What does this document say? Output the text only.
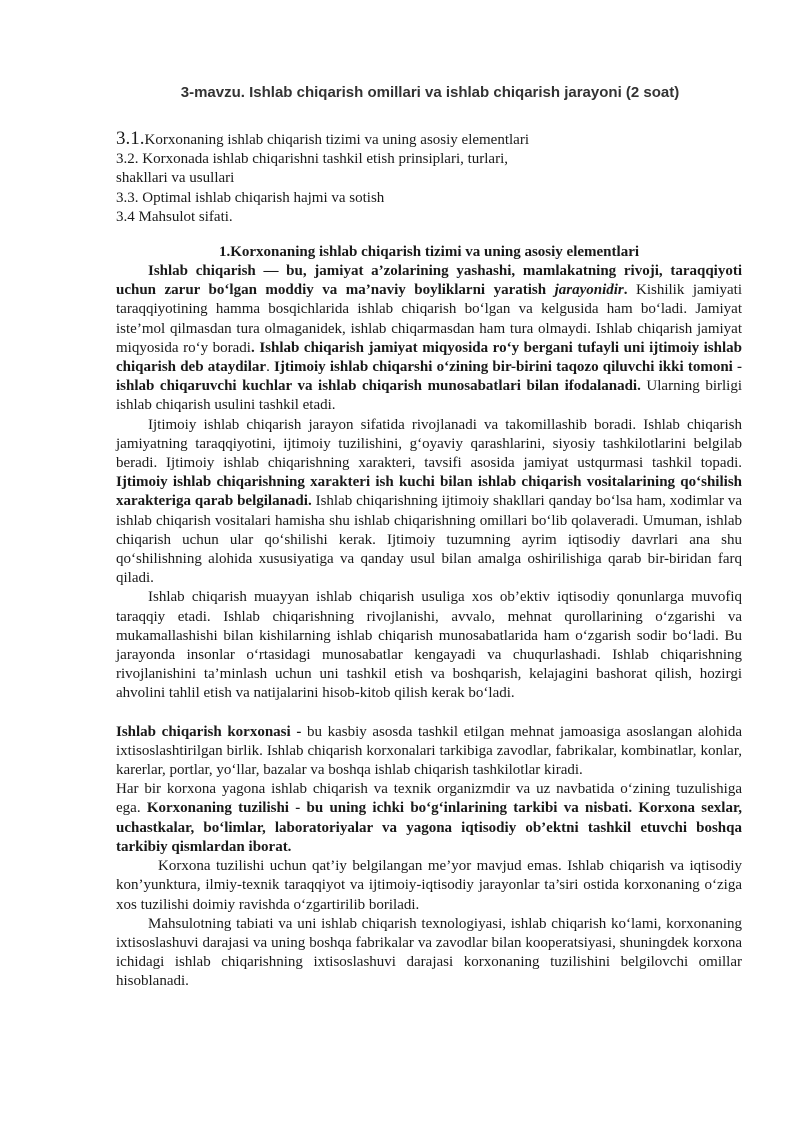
3-mavzu. Ishlab chiqarish omillari va ishlab chiqarish jarayoni (2 soat)
3.1.Korxonaning ishlab chiqarish tizimi va uning asosiy elementlari
3.2. Korxonada ishlab chiqarishni tashkil etish prinsiplari, turlari,
shakllari va usullari
3.3. Optimal ishlab chiqarish hajmi va sotish
3.4 Mahsulot sifati.
1.Korxonaning ishlab chiqarish tizimi va uning asosiy elementlari

Ishlab chiqarish — bu, jamiyat a’zolarining yashashi, mamlakatning rivoji, taraqqiyoti uchun zarur bo‘lgan moddiy va ma’naviy boyliklarni yaratish jarayonidir. Kishilik jamiyati taraqqiyotining hamma bosqichlarida ishlab chiqarish bo‘lgan va kelgusida ham bo‘ladi. Jamiyat iste’mol qilmasdan tura olmaganidek, ishlab chiqarmasdan ham tura olmaydi. Ishlab chiqarish jamiyat miqyosida ro‘y boradi. Ishlab chiqarish jamiyat miqyosida ro‘y bergani tufayli uni ijtimoiy ishlab chiqarish deb ataydilar. Ijtimoiy ishlab chiqarshi o‘zining bir-birini taqozo qiluvchi ikki tomoni - ishlab chiqaruvchi kuchlar va ishlab chiqarish munosabatlari bilan ifodalanadi. Ularning birligi ishlab chiqarish usulini tashkil etadi.

Ijtimoiy ishlab chiqarish jarayon sifatida rivojlanadi va takomillashib boradi. Ishlab chiqarish jamiyatning taraqqiyotini, ijtimoiy tuzilishini, g‘oyaviy qarashlarini, siyosiy tashkilotlarini belgilab beradi. Ijtimoiy ishlab chiqarishning xarakteri, tavsifi asosida jamiyat ustqurmasi tashkil topadi. Ijtimoiy ishlab chiqarishning xarakteri ish kuchi bilan ishlab chiqarish vositalarining qo‘shilish xarakteriga qarab belgilanadi. Ishlab chiqarishning ijtimoiy shakllari qanday bo‘lsa ham, xodimlar va ishlab chiqarish vositalari hamisha shu ishlab chiqarishning omillari bo‘lib qolaveradi. Umuman, ishlab chiqarish uchun ular qo‘shilishi kerak. Ijtimoiy tuzumning ayrim iqtisodiy davrlari ana shu qo‘shilishning alohida xususiyatiga va qanday usul bilan amalga oshirilishiga qarab bir-biridan farq qiladi.

Ishlab chiqarish muayyan ishlab chiqarish usuliga xos ob’ektiv iqtisodiy qonunlarga muvofiq taraqqiy etadi. Ishlab chiqarishning rivojlanishi, avvalo, mehnat qurollarining o‘zgarishi va mukamallashishi bilan kishilarning ishlab chiqarish munosabatlarida ham o‘zgarish sodir bo‘ladi. Bu jarayonda insonlar o‘rtasidagi munosabatlar kengayadi va chuqurlashadi. Ishlab chiqarishning rivojlanishini ta’minlash uchun uni tashkil etish va boshqarish, kelajagini bashorat qilish, hozirgi ahvolini tahlil etish va natijalarini hisob-kitob qilish kerak bo‘ladi.

Ishlab chiqarish korxonasi - bu kasbiy asosda tashkil etilgan mehnat jamoasiga asoslangan alohida ixtisoslashtirilgan birlik. Ishlab chiqarish korxonalari tarkibiga zavodlar, fabrikalar, kombinatlar, konlar, karerlar, portlar, yo‘llar, bazalar va boshqa ishlab chiqarish tashkilotlar kiradi.

Har bir korxona yagona ishlab chiqarish va texnik organizmdir va uz navbatida o‘zining tuzulishiga ega. Korxonaning tuzilishi - bu uning ichki bo‘g‘inlarining tarkibi va nisbati. Korxona sexlar, uchastkalar, bo‘limlar, laboratoriyalar va yagona iqtisodiy ob’ektni tashkil etuvchi boshqa tarkibiy qismlardan iborat.

Korxona tuzilishi uchun qat’iy belgilangan me’yor mavjud emas. Ishlab chiqarish va iqtisodiy kon’yunktura, ilmiy-texnik taraqqiyot va ijtimoiy-iqtisodiy jarayonlar ta’siri ostida korxonaning o‘ziga xos tuzilishi doimiy ravishda o‘zgartirilib boriladi.

Mahsulotning tabiati va uni ishlab chiqarish texnologiyasi, ishlab chiqarish ko‘lami, korxonaning ixtisoslashuvi darajasi va uning boshqa fabrikalar va zavodlar bilan kooperatsiyasi, shuningdek korxona ichidagi ishlab chiqarishning ixtisoslashuvi darajasi korxonaning tuzilishini belgilovchi omillar hisoblanadi.
